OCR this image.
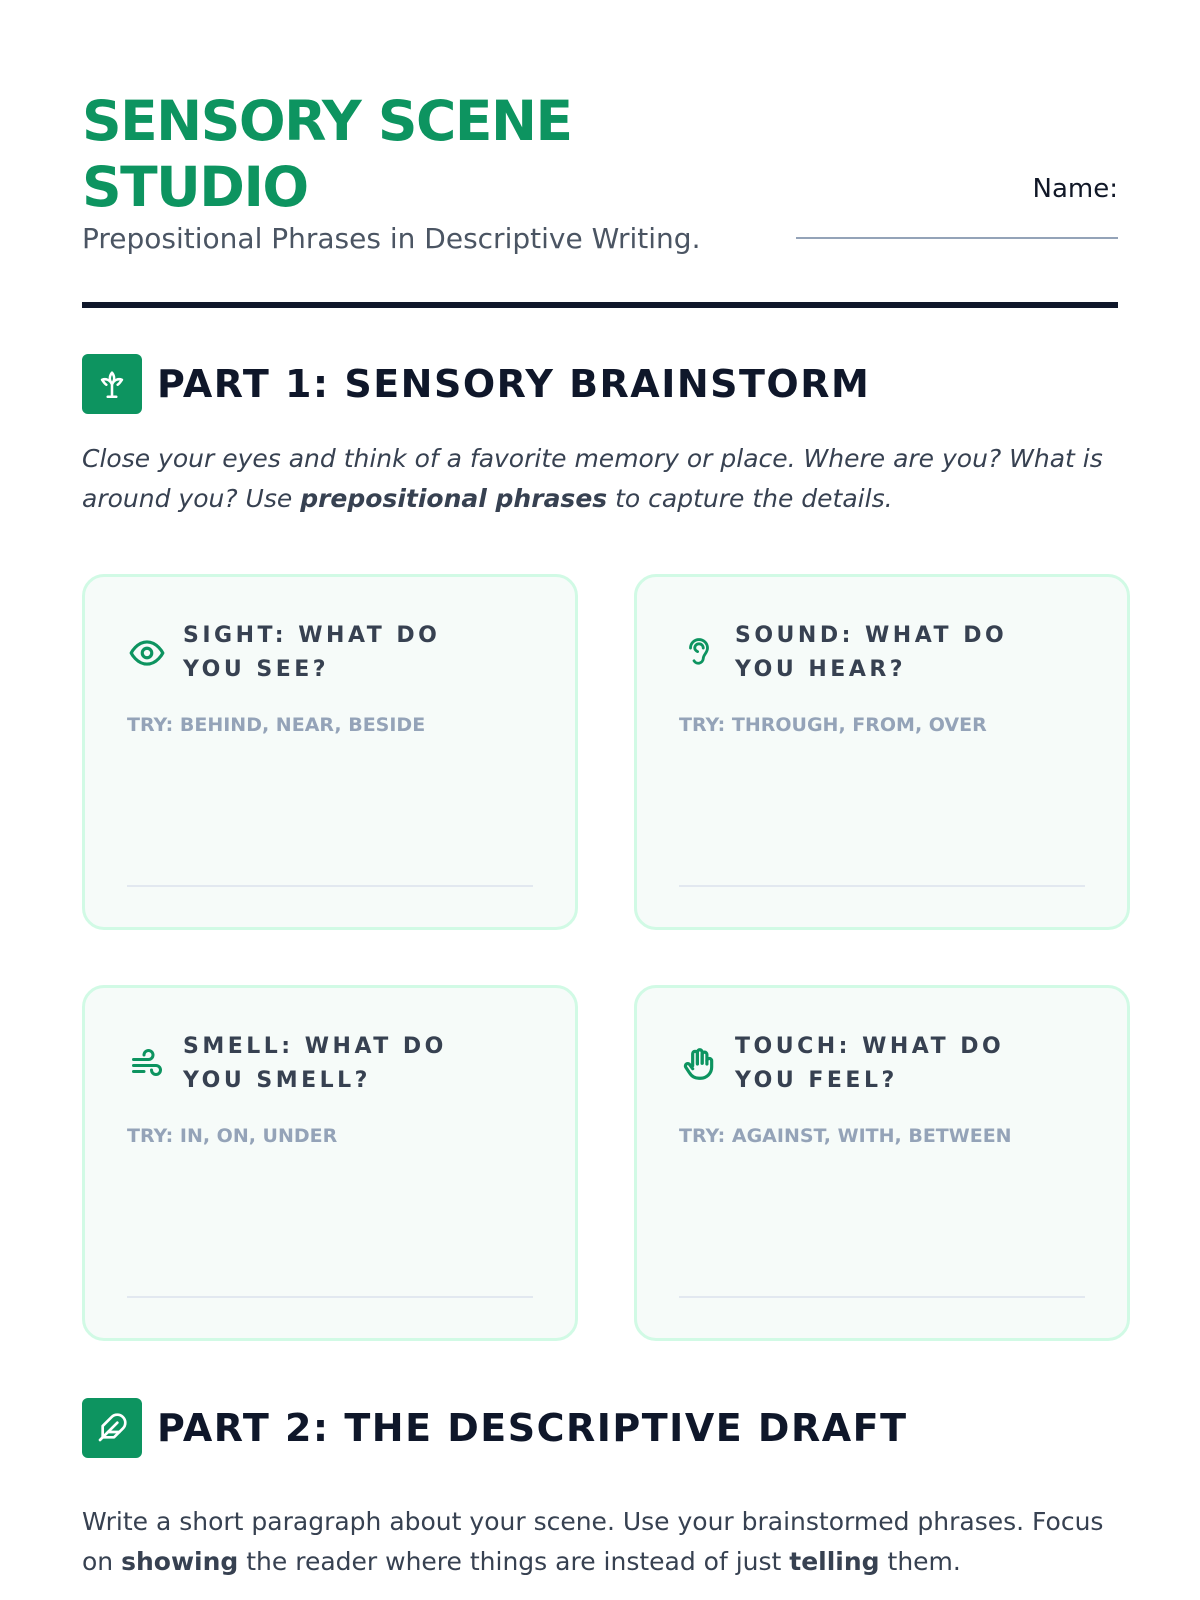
SENSORY SCENE STUDIO
Prepositional Phrases in Descriptive Writing.
Name:
PART 1: SENSORY BRAINSTORM

Close your eyes and think of a favorite memory or place. Where are you? What is around you? Use prepositional phrases to capture the details.

SIGHT: WHAT DO YOU SEE?
TRY: BEHIND, NEAR, BESIDE
SOUND: WHAT DO YOU HEAR?
TRY: THROUGH, FROM, OVER
SMELL: WHAT DO YOU SMELL?
TRY: IN, ON, UNDER
TOUCH: WHAT DO YOU FEEL?
TRY: AGAINST, WITH, BETWEEN
PART 2: THE DESCRIPTIVE DRAFT

Write a short paragraph about your scene. Use your brainstormed phrases. Focus on showing the reader where things are instead of just telling them.
